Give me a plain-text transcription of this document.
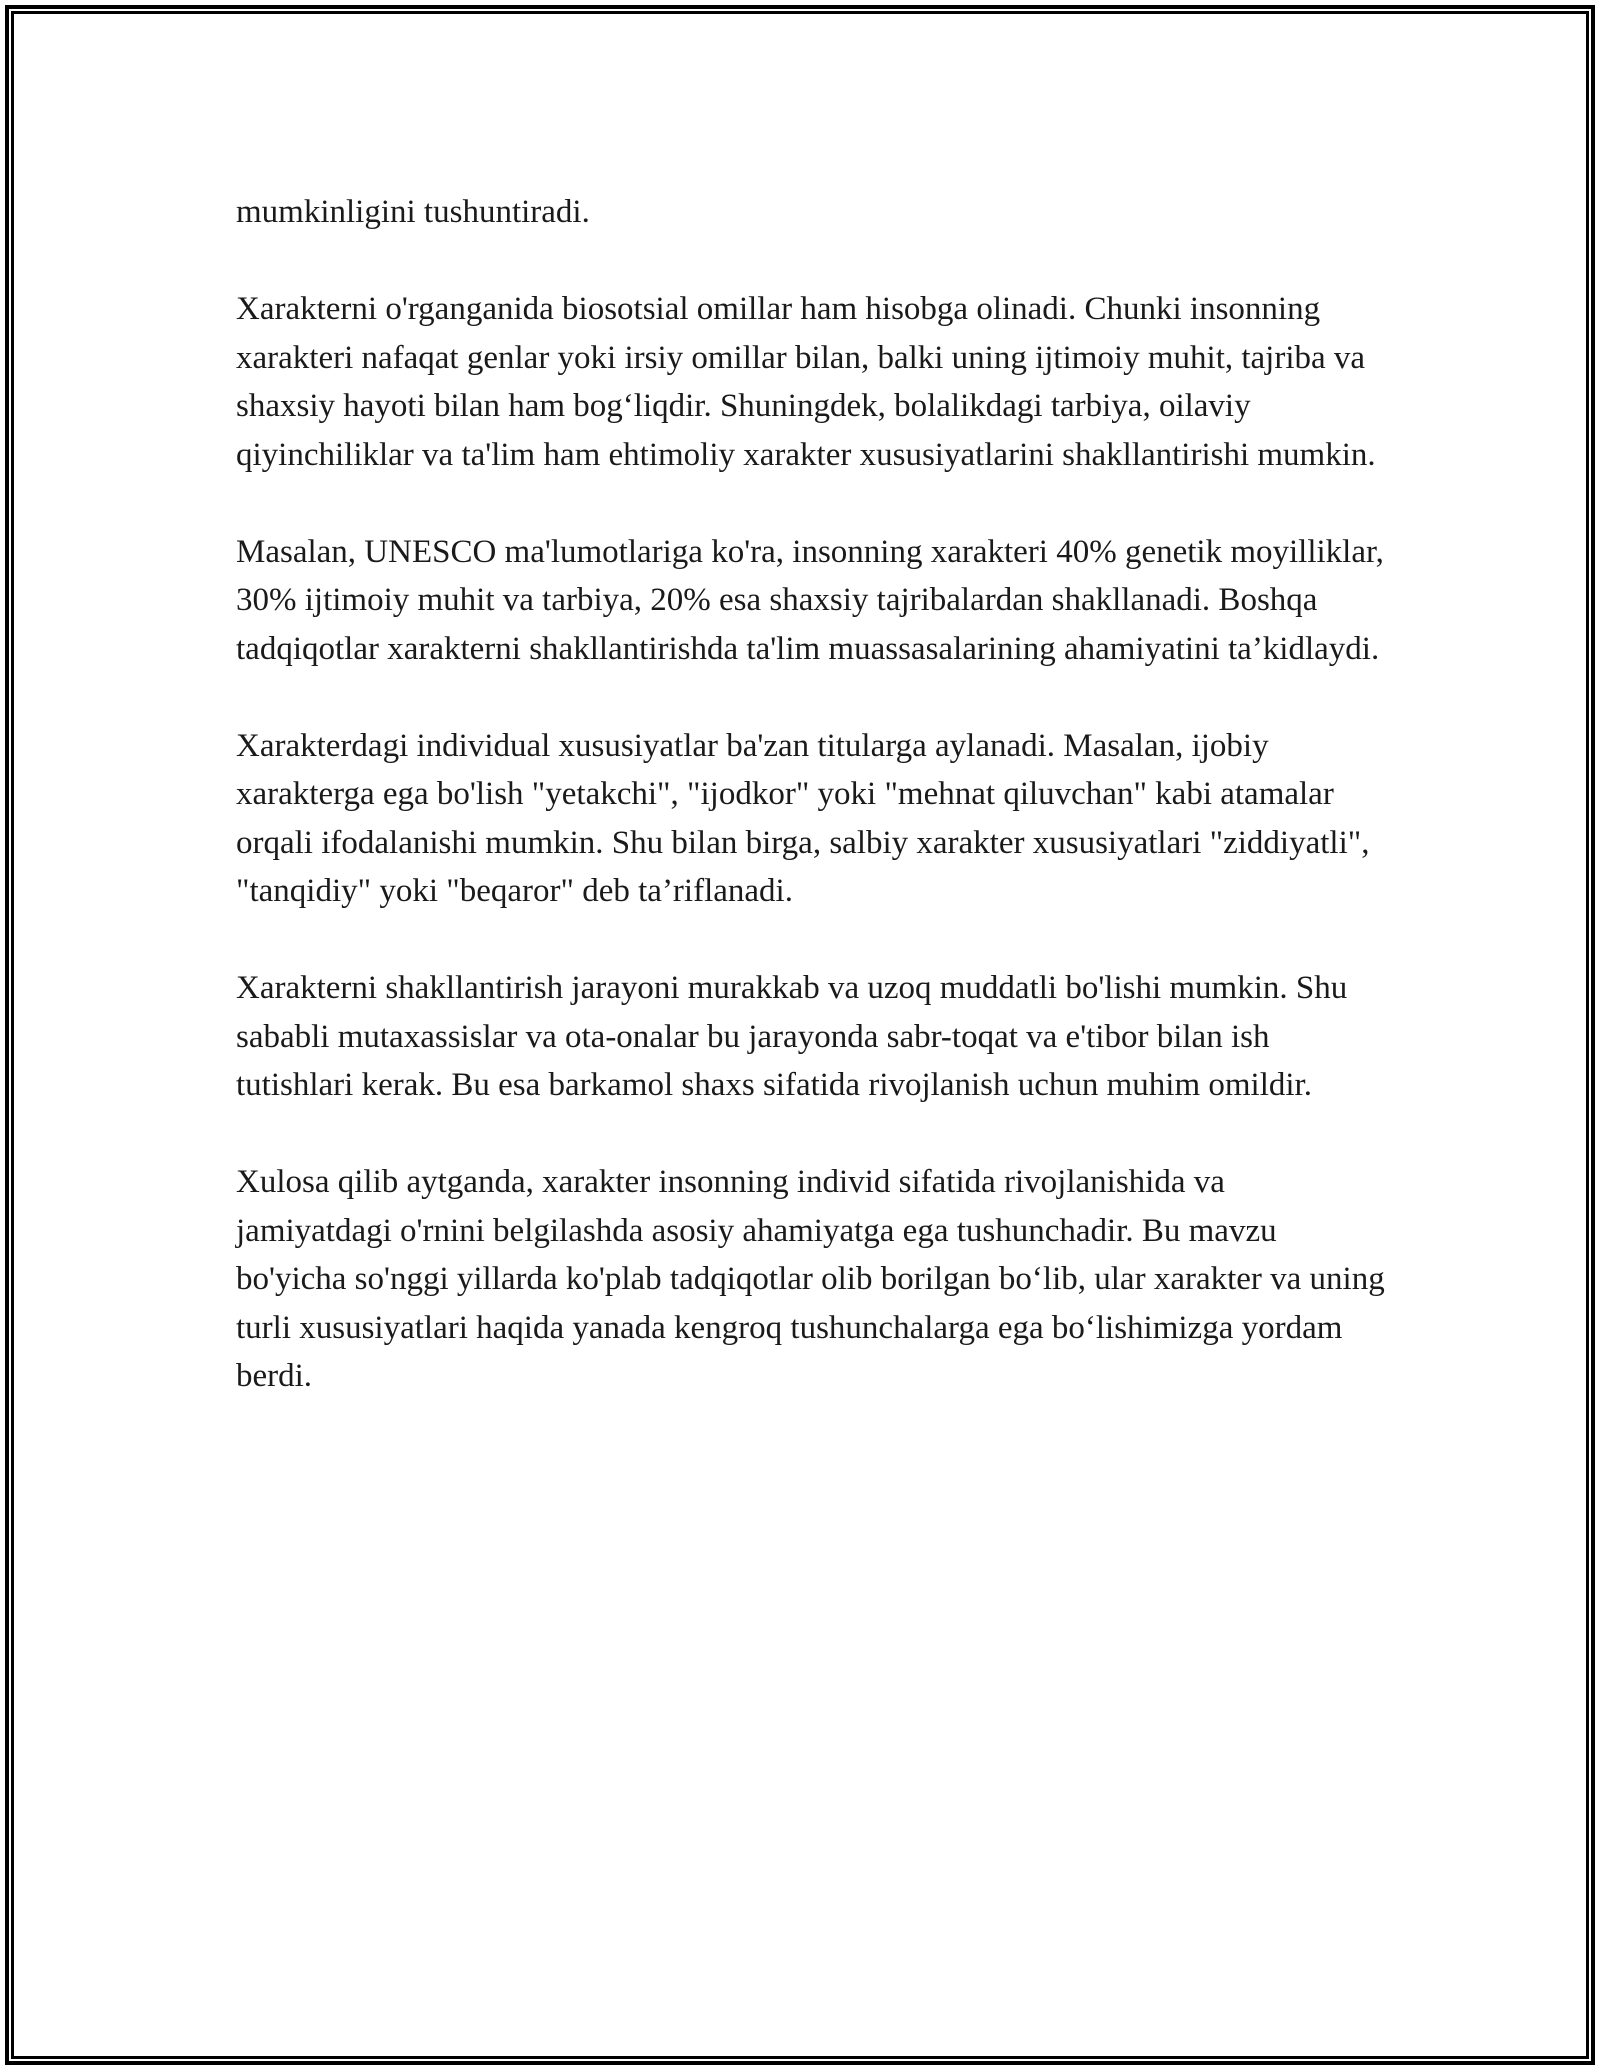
mumkinligini tushuntiradi.

Xarakterni o'rganganida biosotsial omillar ham hisobga olinadi. Chunki insonning xarakteri nafaqat genlar yoki irsiy omillar bilan, balki uning ijtimoiy muhit, tajriba va shaxsiy hayoti bilan ham bog‘liqdir. Shuningdek, bolalikdagi tarbiya, oilaviy qiyinchiliklar va ta'lim ham ehtimoliy xarakter xususiyatlarini shakllantirishi mumkin.

Masalan, UNESCO ma'lumotlariga ko'ra, insonning xarakteri 40% genetik moyilliklar, 30% ijtimoiy muhit va tarbiya, 20% esa shaxsiy tajribalardan shakllanadi. Boshqa tadqiqotlar xarakterni shakllantirishda ta'lim muassasalarining ahamiyatini ta’kidlaydi.

Xarakterdagi individual xususiyatlar ba'zan titularga aylanadi. Masalan, ijobiy xarakterga ega bo'lish "yetakchi", "ijodkor" yoki "mehnat qiluvchan" kabi atamalar orqali ifodalanishi mumkin. Shu bilan birga, salbiy xarakter xususiyatlari "ziddiyatli", "tanqidiy" yoki "beqaror" deb ta’riflanadi.

Xarakterni shakllantirish jarayoni murakkab va uzoq muddatli bo'lishi mumkin. Shu sababli mutaxassislar va ota-onalar bu jarayonda sabr-toqat va e'tibor bilan ish tutishlari kerak. Bu esa barkamol shaxs sifatida rivojlanish uchun muhim omildir.

Xulosa qilib aytganda, xarakter insonning individ sifatida rivojlanishida va jamiyatdagi o'rnini belgilashda asosiy ahamiyatga ega tushunchadir. Bu mavzu bo'yicha so'nggi yillarda ko'plab tadqiqotlar olib borilgan bo‘lib, ular xarakter va uning turli xususiyatlari haqida yanada kengroq tushunchalarga ega bo‘lishimizga yordam berdi.
